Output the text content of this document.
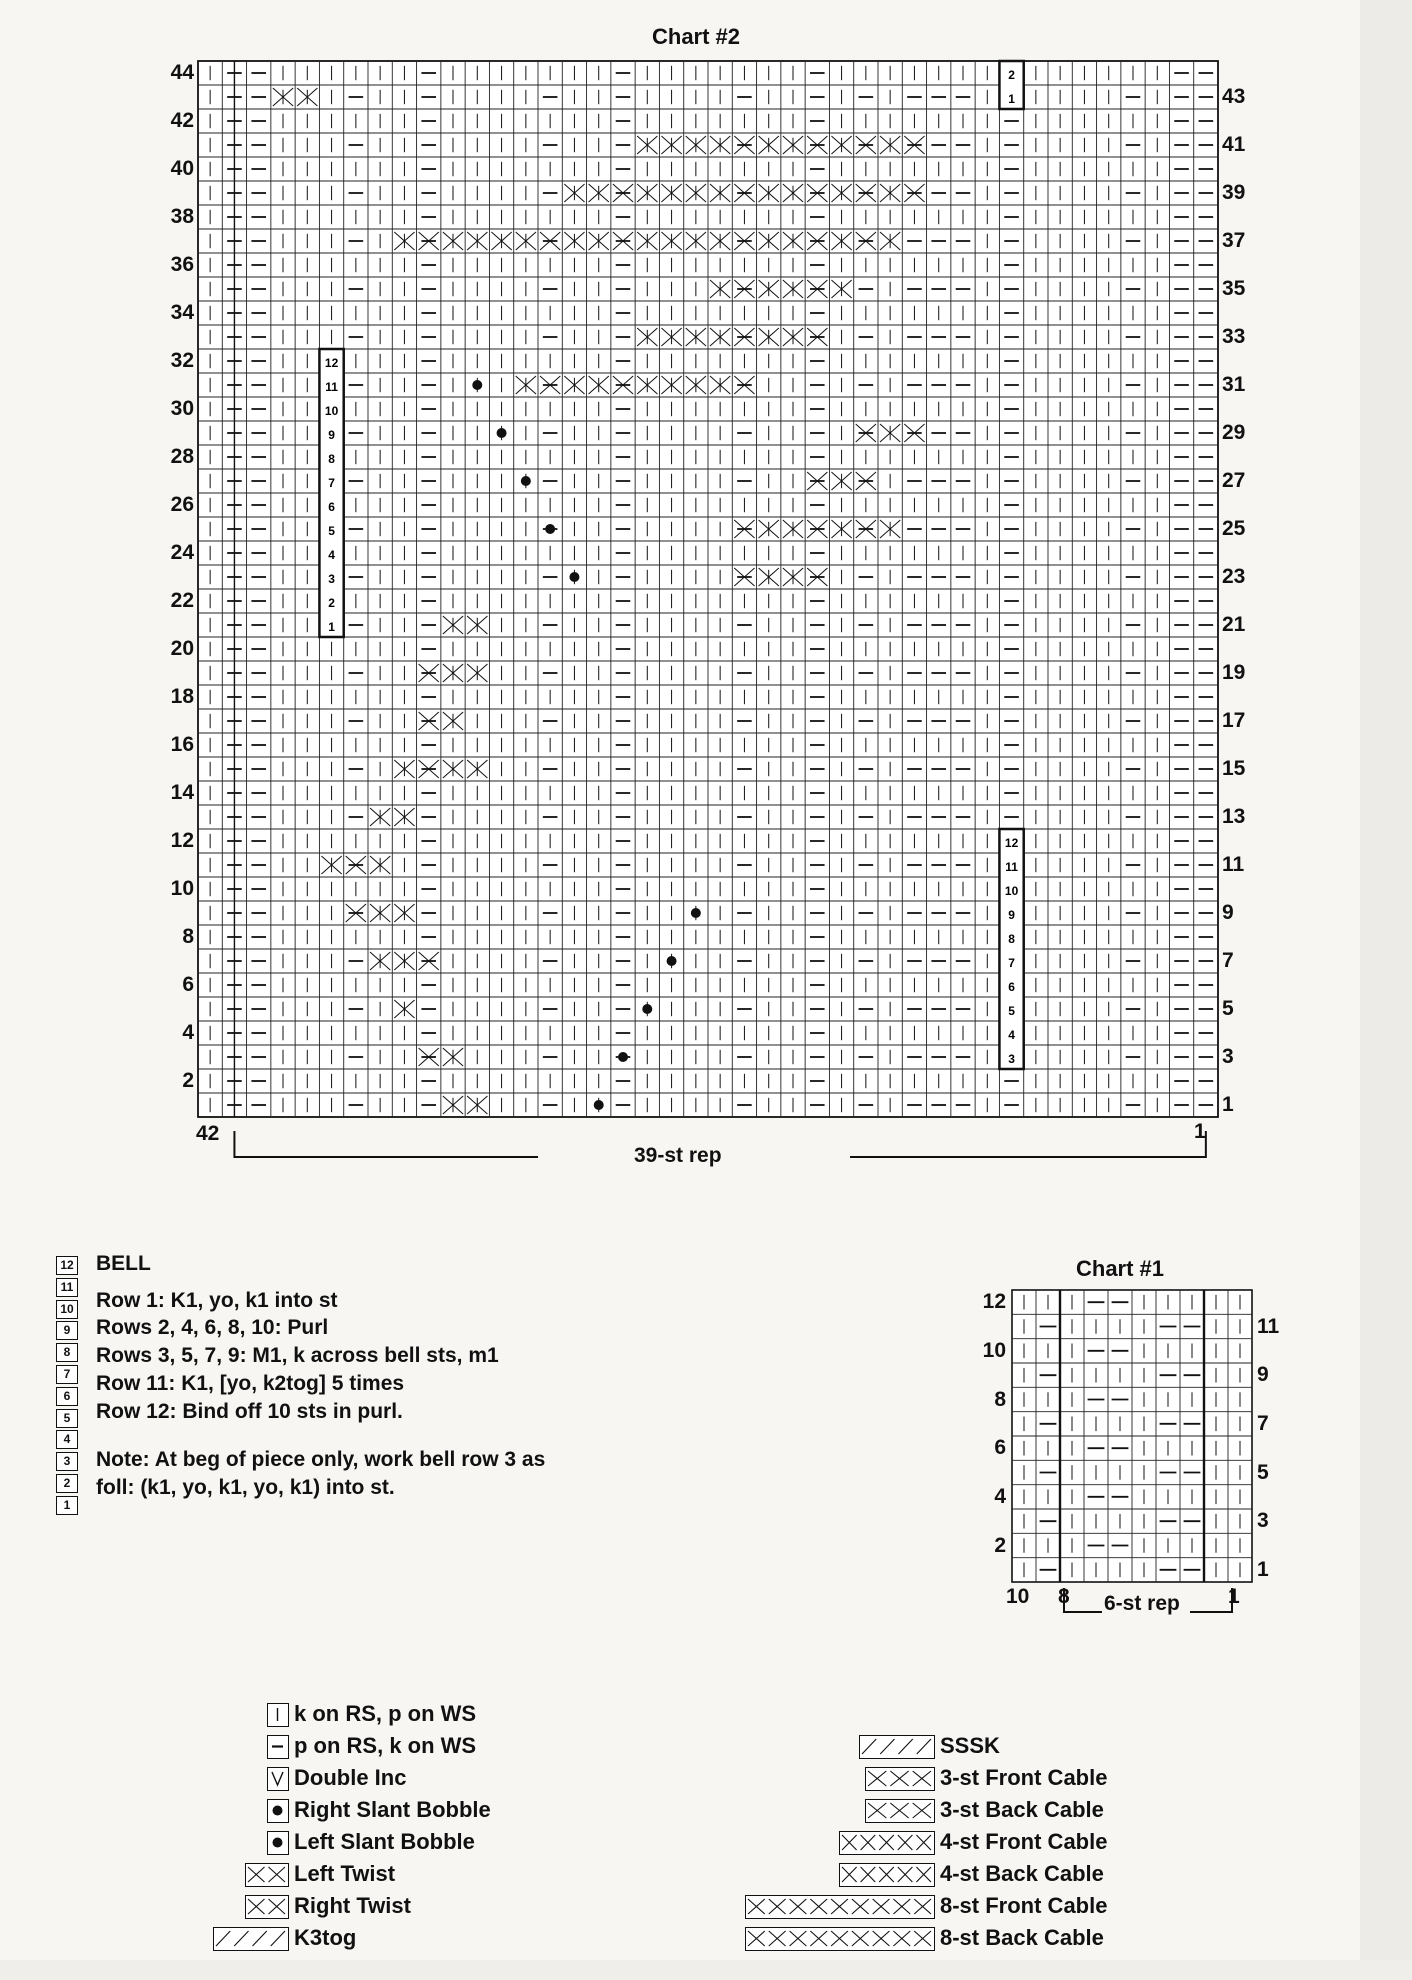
Chart #2
12
11
10
9
8
7
6
5
4
3
2
1
2
1
12
11
10
9
8
7
6
5
4
3
44
42
40
38
36
34
32
30
28
26
24
22
20
18
16
14
12
10
8
6
4
2
43
41
39
37
35
33
31
29
27
25
23
21
19
17
15
13
11
9
7
5
3
1
42	1
39-st rep
12
11
10
9
8
7
6
5
4
3
2
1
BELL
Row 1: K1, yo, k1 into st
Rows 2, 4, 6, 8, 10: Purl
Rows 3, 5, 7, 9: M1, k across bell sts, m1
Row 11: K1, [yo, k2tog] 5 times
Row 12: Bind off 10 sts in purl.
Note: At beg of piece only, work bell row 3 as
foll: (k1, yo, k1, yo, k1) into st.
Chart #1
12
10
8
6
4
2
11
9
7
5
3
1
10 8	1
6-st rep
k on RS, p on WS
p on RS, k on WS
Double Inc
Right Slant Bobble
Left Slant Bobble
Left Twist
Right Twist
K3tog
SSSK
3-st Front Cable
3-st Back Cable
4-st Front Cable
4-st Back Cable
8-st Front Cable
8-st Back Cable
